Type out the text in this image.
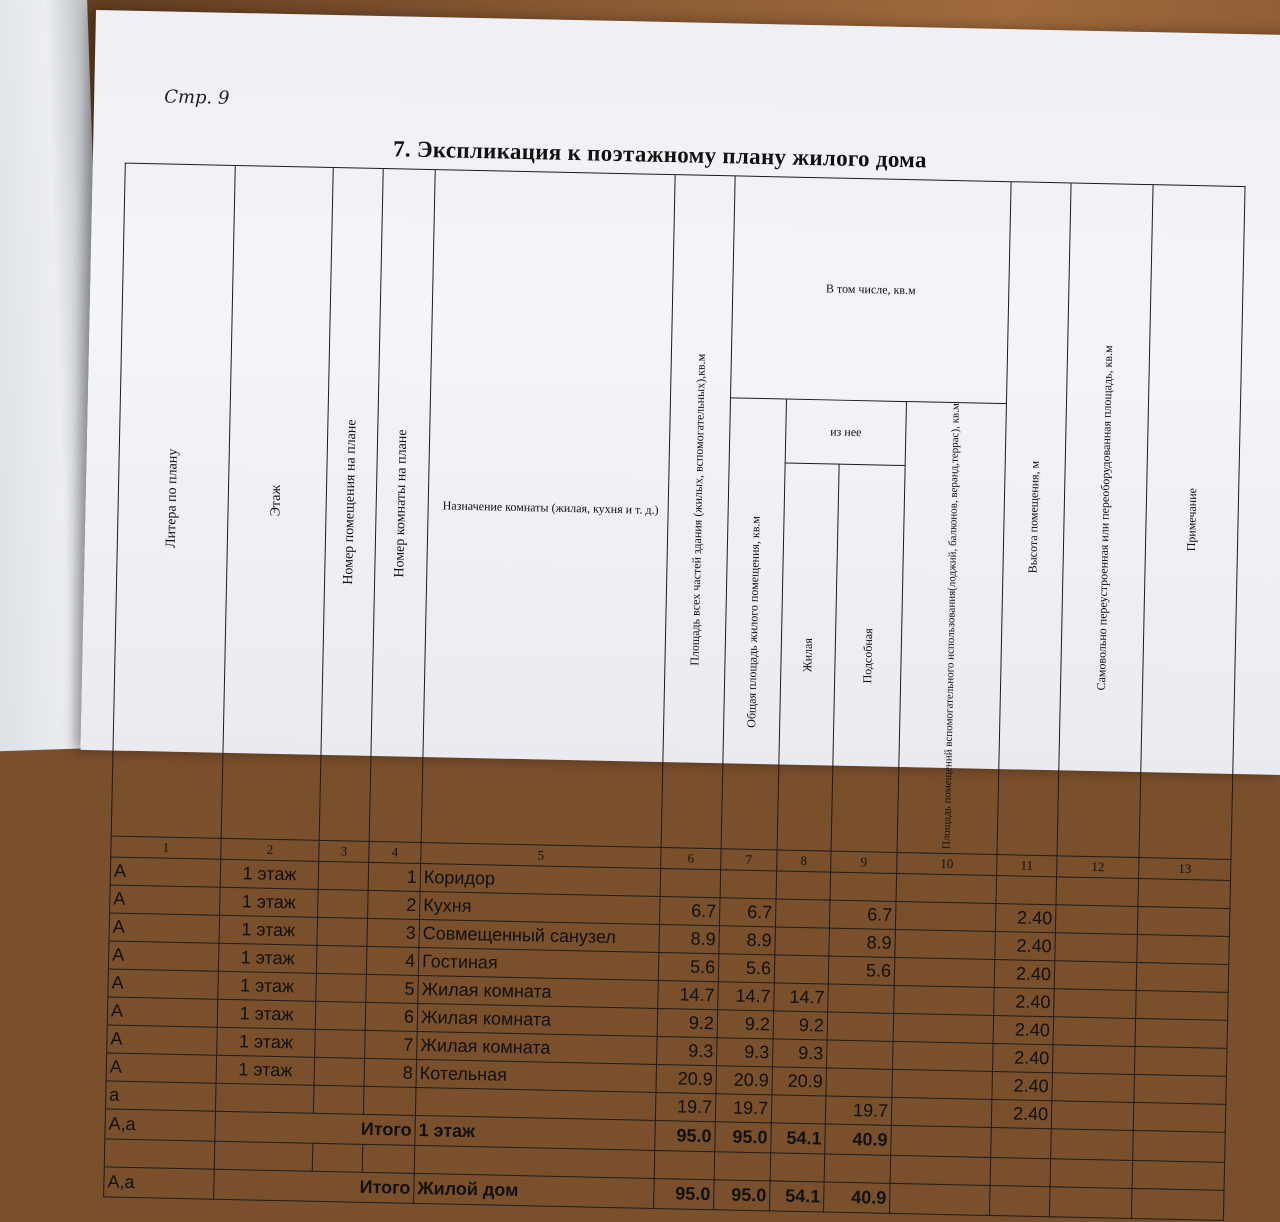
Стр. 9
7. Экспликация к поэтажному плану жилого дома
Литера по плану	Этаж	Номер помещения на плане	Номер комнаты на плане	Назначение комнаты (жилая, кухня и т. д.)	Площадь всех частей здания (жилых, вспомогательных),кв.м	В том числе, кв.м				Высота помещения, м	Самовольно переустроенная или переоборудованная площадь, кв.м	Примечание
						Общая площадь жилого помещения, кв.м	из нее		Площадь помещений вспомогательного использования(лоджий, балконов, веранд,террас), кв.м			
							Жилая	Подсобная				
1	2	3	4	5	6	7	8	9	10	11	12	13
А	1 этаж		1	Коридор								
А	1 этаж		2	Кухня	6.7	6.7		6.7		2.40		
А	1 этаж		3	Совмещенный санузел	8.9	8.9		8.9		2.40		
А	1 этаж		4	Гостиная	5.6	5.6		5.6		2.40		
А	1 этаж		5	Жилая комната	14.7	14.7	14.7			2.40		
А	1 этаж		6	Жилая комната	9.2	9.2	9.2			2.40		
А	1 этаж		7	Жилая комната	9.3	9.3	9.3			2.40		
А	1 этаж		8	Котельная	20.9	20.9	20.9			2.40		
а					19.7	19.7		19.7		2.40		
А,а	Итого			1 этаж	95.0	95.0	54.1	40.9				

А,а	Итого			Жилой дом	95.0	95.0	54.1	40.9				
